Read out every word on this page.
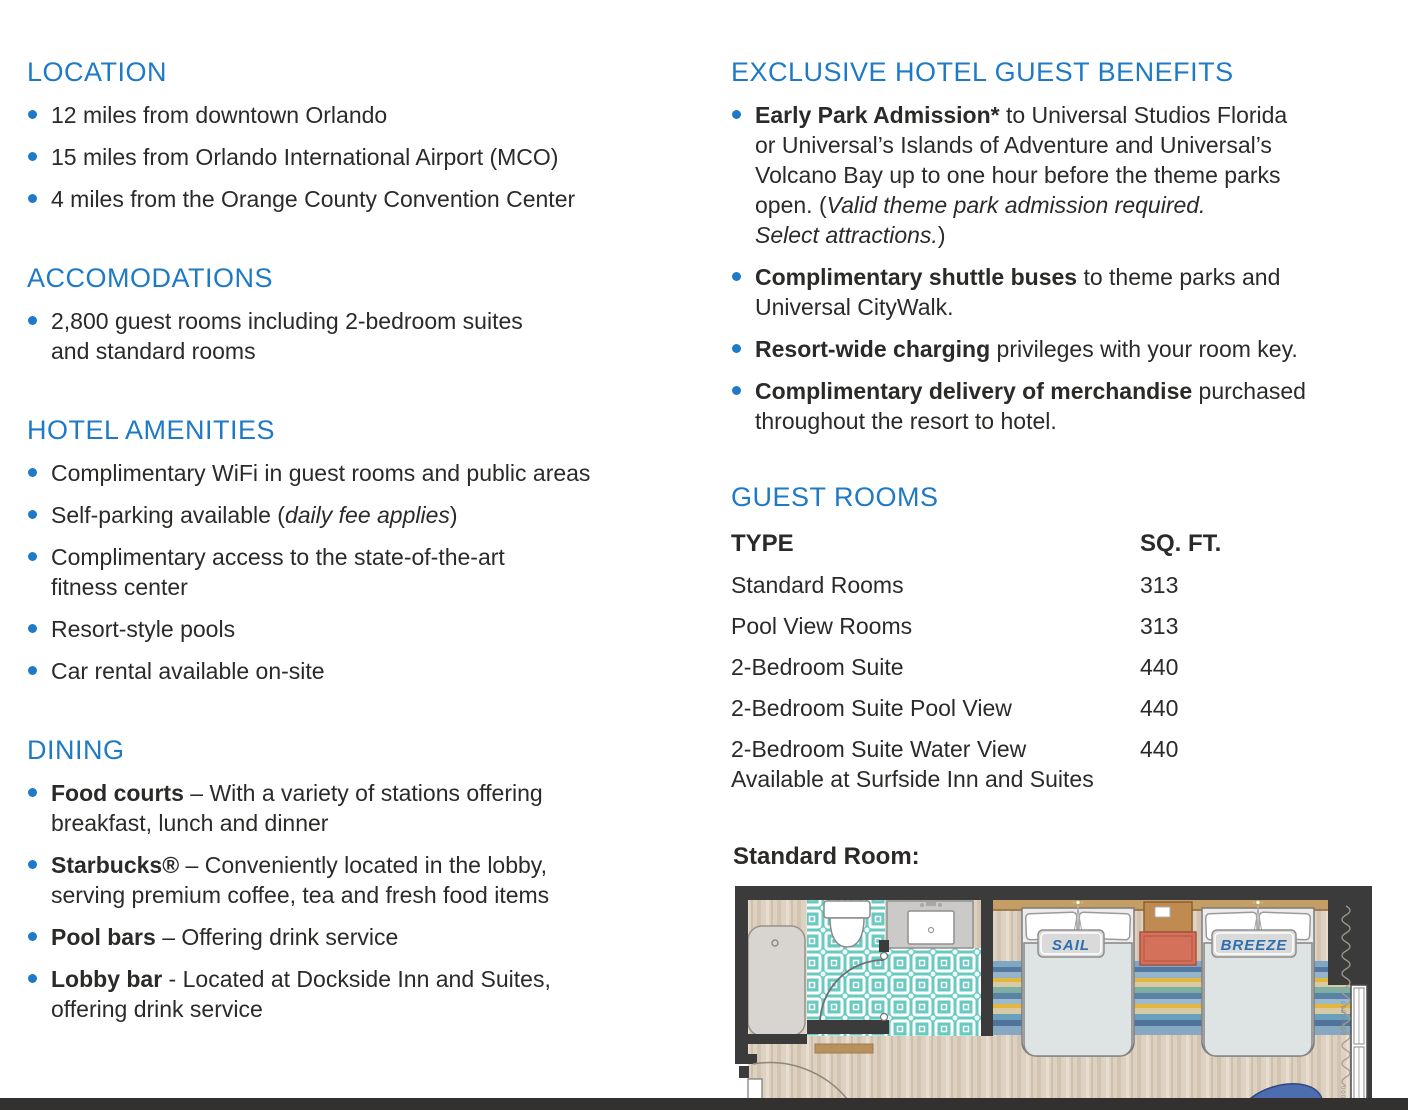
LOCATION
12 miles from downtown Orlando
15 miles from Orlando International Airport (MCO)
4 miles from the Orange County Convention Center
ACCOMODATIONS
2,800 guest rooms including 2-bedroom suites
and standard rooms
HOTEL AMENITIES
Complimentary WiFi in guest rooms and public areas
Self-parking available (daily fee applies)
Complimentary access to the state-of-the-art
fitness center
Resort-style pools
Car rental available on-site
DINING
Food courts – With a variety of stations offering
breakfast, lunch and dinner
Starbucks® – Conveniently located in the lobby,
serving premium coffee, tea and fresh food items
Pool bars – Offering drink service
Lobby bar - Located at Dockside Inn and Suites,
offering drink service
EXCLUSIVE HOTEL GUEST BENEFITS
Early Park Admission* to Universal Studios Florida
or Universal’s Islands of Adventure and Universal’s
Volcano Bay up to one hour before the theme parks
open. (Valid theme park admission required.
Select attractions.)
Complimentary shuttle buses to theme parks and
Universal CityWalk.
Resort-wide charging privileges with your room key.
Complimentary delivery of merchandise purchased
throughout the resort to hotel.
GUEST ROOMS
TYPE	SQ. FT.
Standard Rooms	313
Pool View Rooms	313
2-Bedroom Suite	440
2-Bedroom Suite Pool View	440
2-Bedroom Suite Water View	440
Available at Surfside Inn and Suites
Standard Room:
SAIL	BREEZE
00000000
